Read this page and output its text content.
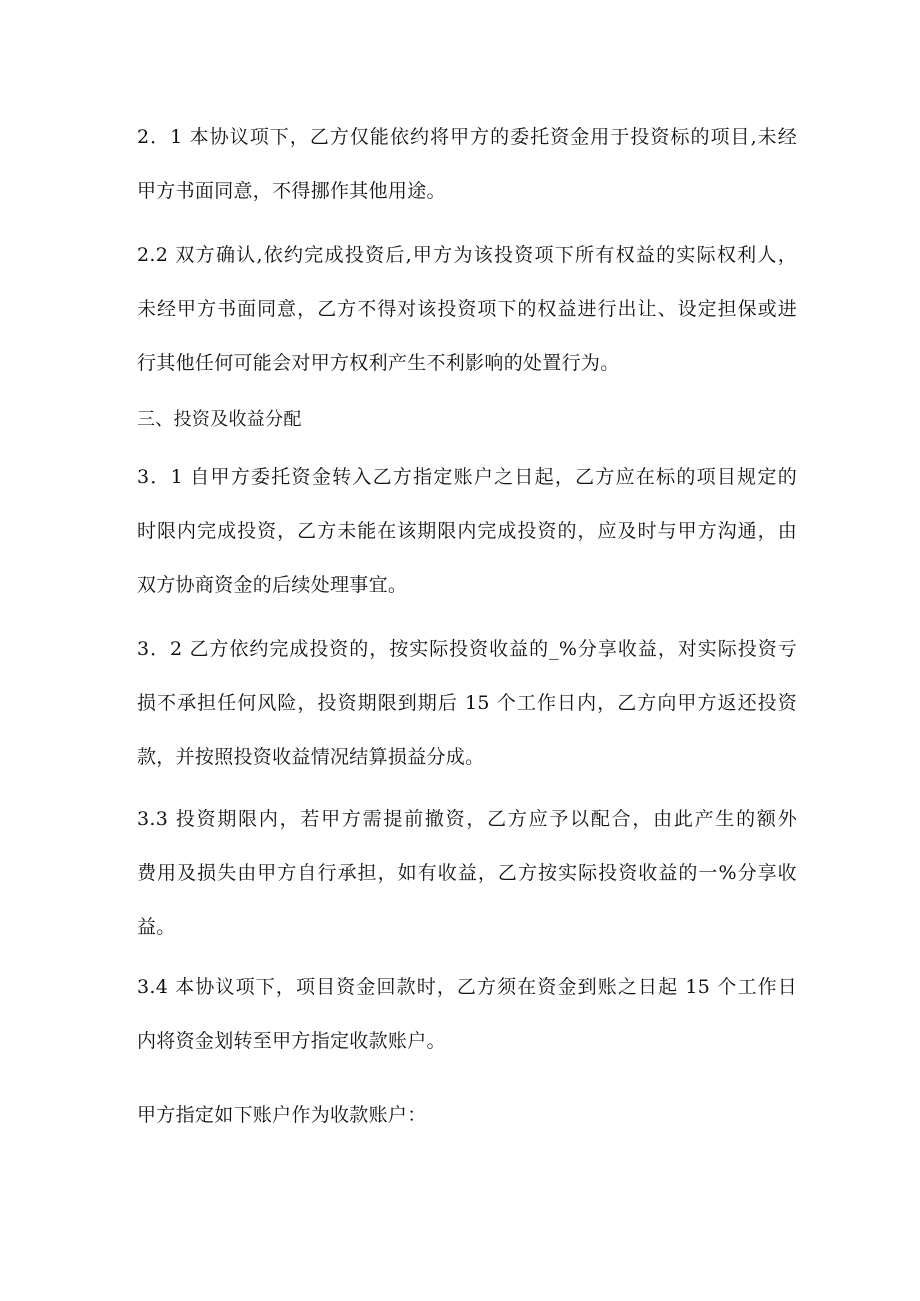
2．1 本协议项下，乙方仅能依约将甲方的委托资金用于投资标的项目,未经
甲方书面同意，不得挪作其他用途。

2.2 双方确认,依约完成投资后,甲方为该投资项下所有权益的实际权利人，
未经甲方书面同意，乙方不得对该投资项下的权益进行出让、设定担保或进
行其他任何可能会对甲方权利产生不利影响的处置行为。

三、投资及收益分配

3．1 自甲方委托资金转入乙方指定账户之日起，乙方应在标的项目规定的
时限内完成投资，乙方未能在该期限内完成投资的，应及时与甲方沟通，由
双方协商资金的后续处理事宜。

3．2 乙方依约完成投资的，按实际投资收益的_%分享收益，对实际投资亏
损不承担任何风险，投资期限到期后 15 个工作日内，乙方向甲方返还投资
款，并按照投资收益情况结算损益分成。

3.3 投资期限内，若甲方需提前撤资，乙方应予以配合，由此产生的额外
费用及损失由甲方自行承担，如有收益，乙方按实际投资收益的一%分享收
益。

3.4 本协议项下，项目资金回款时，乙方须在资金到账之日起 15 个工作日
内将资金划转至甲方指定收款账户。

甲方指定如下账户作为收款账户：
